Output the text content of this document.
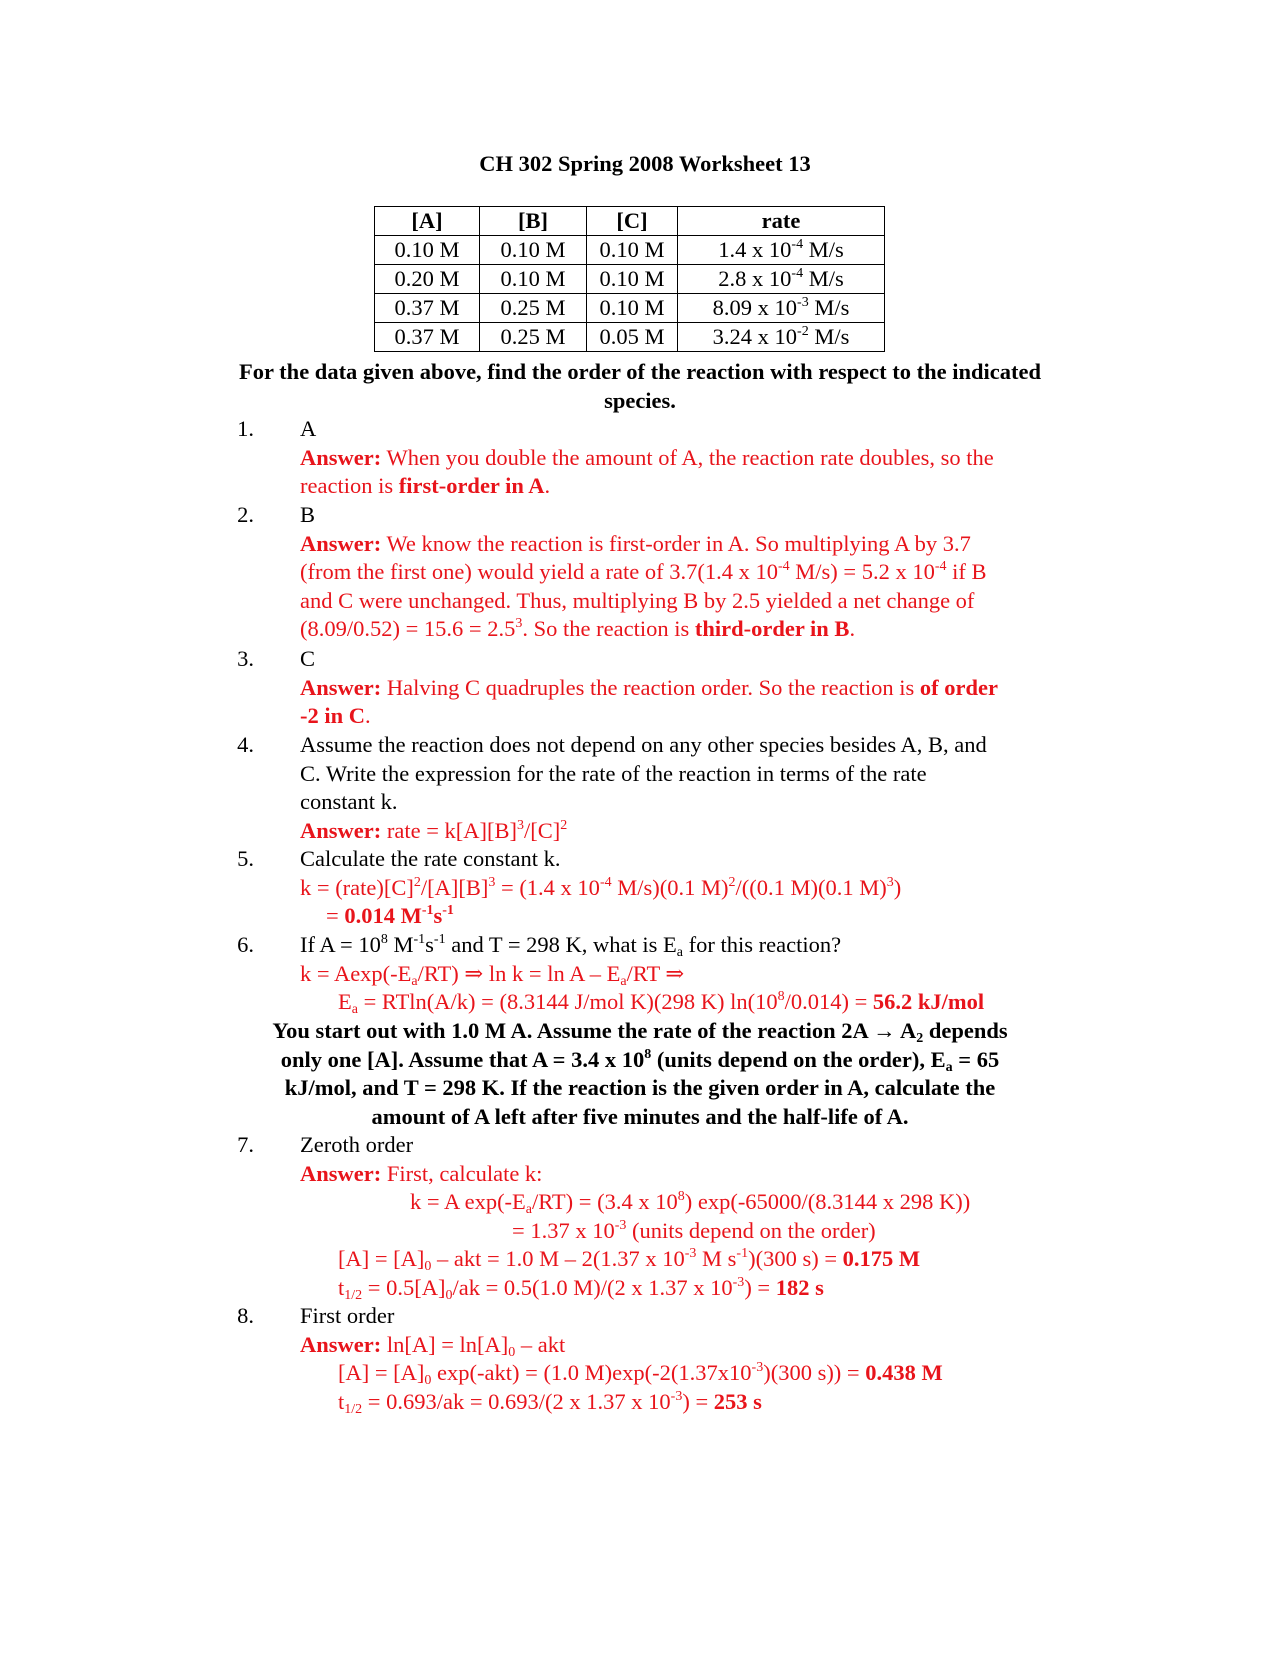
CH 302 Spring 2008 Worksheet 13
[A]	[B]	[C]	rate
0.10 M	0.10 M	0.10 M	1.4 x $10^{-4}$ M/s
0.20 M	0.10 M	0.10 M	2.8 x $10^{-4}$ M/s
0.37 M	0.25 M	0.10 M	8.09 x $10^{-3}$ M/s
0.37 M	0.25 M	0.05 M	3.24 x $10^{-2}$ M/s
For the data given above, find the order of the reaction with respect to the indicated
species.
1. A
Answer: When you double the amount of A, the reaction rate doubles, so the
reaction is first-order in A.
2. B
Answer: We know the reaction is first-order in A. So multiplying A by 3.7
(from the first one) would yield a rate of 3.7(1.4 x $10^{-4}$ M/s) = 5.2 x $10^{-4}$ if B
and C were unchanged. Thus, multiplying B by 2.5 yielded a net change of
$(8.09/0.52) = 15.6 = 2.5^3$. So the reaction is third-order in B.
3. C
Answer: Halving C quadruples the reaction order. So the reaction is of order
-2 in C.
4. Assume the reaction does not depend on any other species besides A, B, and
C. Write the expression for the rate of the reaction in terms of the rate
constant k.
Answer: rate = $k[A][B]^3/[C]^2$
5. Calculate the rate constant k.
$k = (rate)[C]^2/[A][B]^3 = (1.4$ x $10^{-4}$ M/s)(0.1 M)$^2$/((0.1 M)(0.1 M)$^3$)
= 0.014 $M^{-1}s^{-1}$
6. If $A = 10^8$ $M^{-1}s^{-1}$ and T = 298 K, what is $E_a$ for this reaction?
$k = Aexp(-E_a/RT)$ ⇒ $\ln k = \ln A - E_a/RT$ ⇒
$E_a = RTln(A/k) = (8.3144$ J/mol K)(298 K) $\ln(10^8/0.014) = 56.2$ kJ/mol
You start out with 1.0 M A. Assume the rate of the reaction $2A \to A_2$ depends
only one [A]. Assume that A = 3.4 x $10^8$ (units depend on the order), $E_a = 65$
kJ/mol, and T = 298 K. If the reaction is the given order in A, calculate the
amount of A left after five minutes and the half-life of A.
7. Zeroth order
Answer: First, calculate k:
k = A $\exp(-E_a/RT) = (3.4$ x $10^8$) exp(-65000/(8.3144 x 298 K))
= 1.37 x $10^{-3}$ (units depend on the order)
$[A] = [A]_0$ – akt = 1.0 M – 2(1.37 x $10^{-3}$ M $s^{-1})(300$ s) = 0.175 M
$t_{1/2} = 0.5[A]_0/ak = 0.5(1.0$ M)/(2 x 1.37 x $10^{-3}) = 182$ s
8. First order
Answer: $\ln[A] = \ln[A]_0$ – akt
$[A] = [A]_0$ exp(-akt) = (1.0 $M)\exp(-2(1.37x10^{-3})(300$ s)) = 0.438 M
$t_{1/2} = 0.693/ak = 0.693/(2$ x 1.37 x $10^{-3}) = 253$ s
